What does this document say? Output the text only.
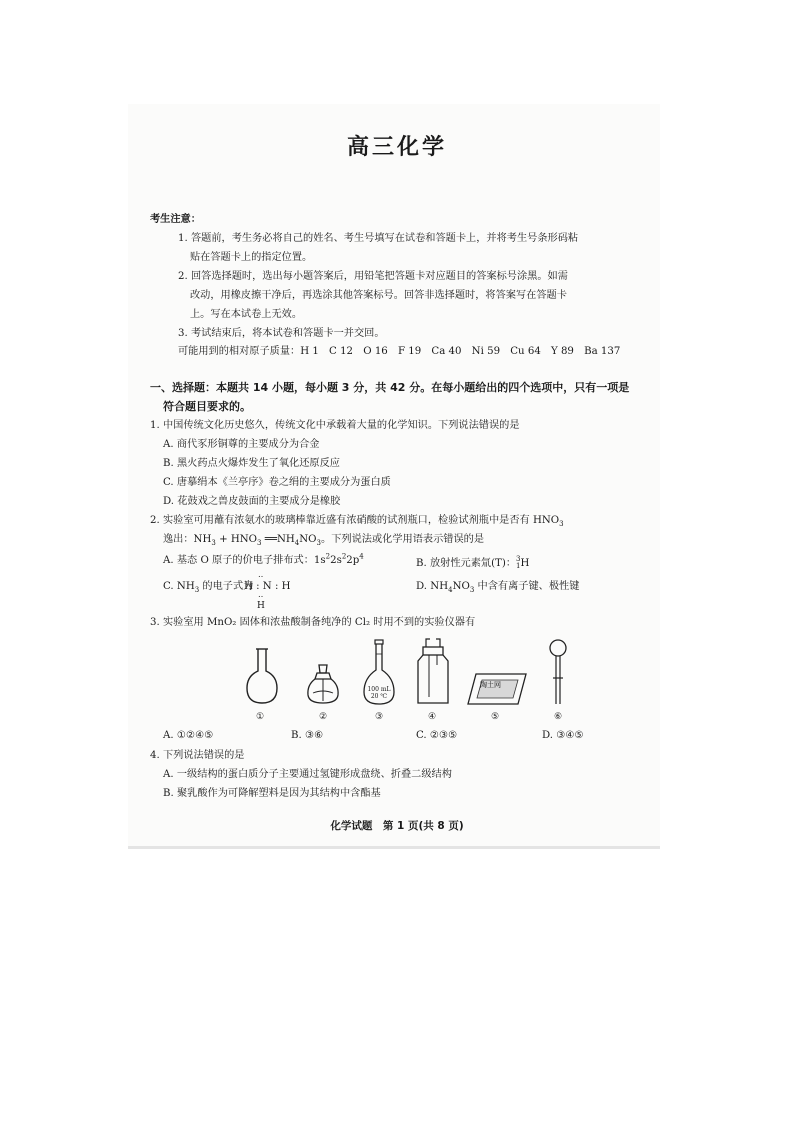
高三化学
考生注意：
1. 答题前，考生务必将自己的姓名、考生号填写在试卷和答题卡上，并将考生号条形码粘
贴在答题卡上的指定位置。
2. 回答选择题时，选出每小题答案后，用铅笔把答题卡对应题目的答案标号涂黑。如需
改动，用橡皮擦干净后，再选涂其他答案标号。回答非选择题时，将答案写在答题卡
上。写在本试卷上无效。
3. 考试结束后，将本试卷和答题卡一并交回。
可能用到的相对原子质量：H 1　C 12　O 16　F 19　Ca 40　Ni 59　Cu 64　Y 89　Ba 137
一、选择题：本题共 14 小题，每小题 3 分，共 42 分。在每小题给出的四个选项中，只有一项是
符合题目要求的。
1. 中国传统文化历史悠久，传统文化中承载着大量的化学知识。下列说法错误的是
A. 商代豕形铜尊的主要成分为合金
B. 黑火药点火爆炸发生了氧化还原反应
C. 唐摹绢本《兰亭序》卷之绢的主要成分为蛋白质
D. 花鼓戏之兽皮鼓面的主要成分是橡胶
2. 实验室可用蘸有浓氨水的玻璃棒靠近盛有浓硝酸的试剂瓶口，检验试剂瓶中是否有 $HNO_3$
逸出：$NH_3 + HNO_3$ $══NH_4NO_3$。下列说法或化学用语表示错误的是
A. 基态 O 原子的价电子排布式：$1s^22s^22p^4$
B. 放射性元素氚(T)：3
1H
C. $NH_3$ 的电子式为
‥
H : N : H
‥
H
D. $NH_4NO_3$ 中含有离子键、极性键
3. 实验室用 MnO₂ 固体和浓盐酸制备纯净的 Cl₂ 时用不到的实验仪器有
100 mL
20 ℃
陶土网
①	②	③	④	⑤	⑥
A. ①②④⑤	B. ③⑥	C. ②③⑤	D. ③④⑤
4. 下列说法错误的是
A. 一级结构的蛋白质分子主要通过氢键形成盘绕、折叠二级结构
B. 聚乳酸作为可降解塑料是因为其结构中含酯基
化学试题　第 1 页(共 8 页)
